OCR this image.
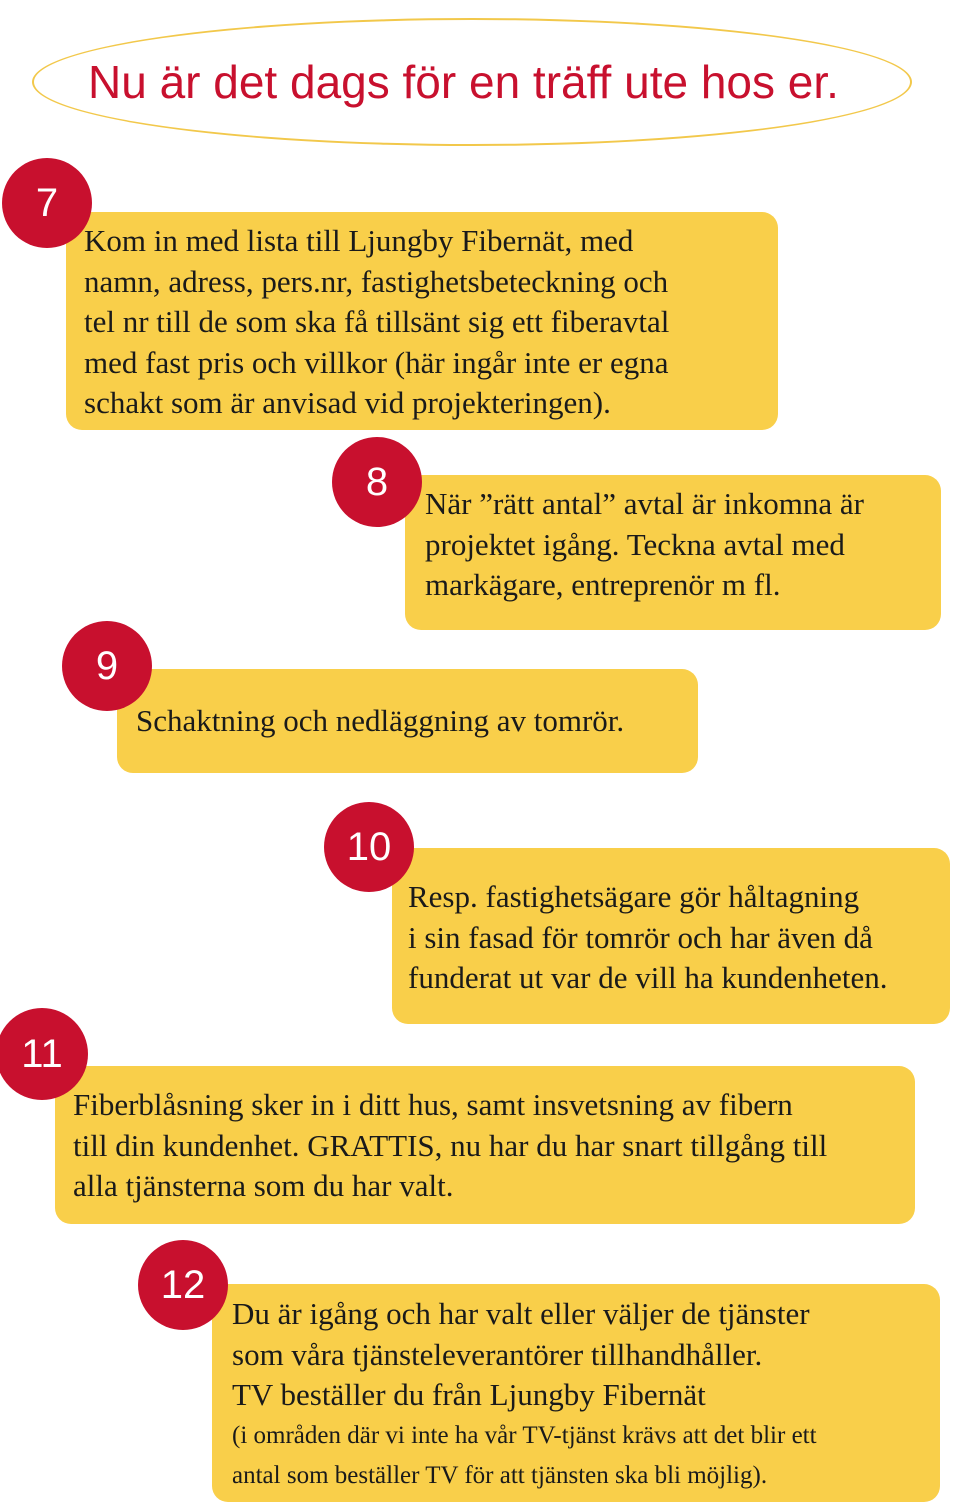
Nu är det dags för en träff ute hos er.
Kom in med lista till Ljungby Fibernät, med
namn, adress, pers.nr, fastighetsbeteckning och
tel nr till de som ska få tillsänt sig ett fiberavtal
med fast pris och villkor (här ingår inte er egna
schakt som är anvisad vid projekteringen).
7
När ”rätt antal” avtal är inkomna är
projektet igång. Teckna avtal med
markägare, entreprenör m fl.
8
Schaktning och nedläggning av tomrör.
9
Resp. fastighetsägare gör håltagning
i sin fasad för tomrör och har även då
funderat ut var de vill ha kundenheten.
10
Fiberblåsning sker in i ditt hus, samt insvetsning av fibern
till din kundenhet. GRATTIS, nu har du har snart tillgång till
alla tjänsterna som du har valt.
11
Du är igång och har valt eller väljer de tjänster
som våra tjänsteleverantörer tillhandhåller.
TV beställer du från Ljungby Fibernät
(i områden där vi inte ha vår TV-tjänst krävs att det blir ett
antal som beställer TV för att tjänsten ska bli möjlig).
12
